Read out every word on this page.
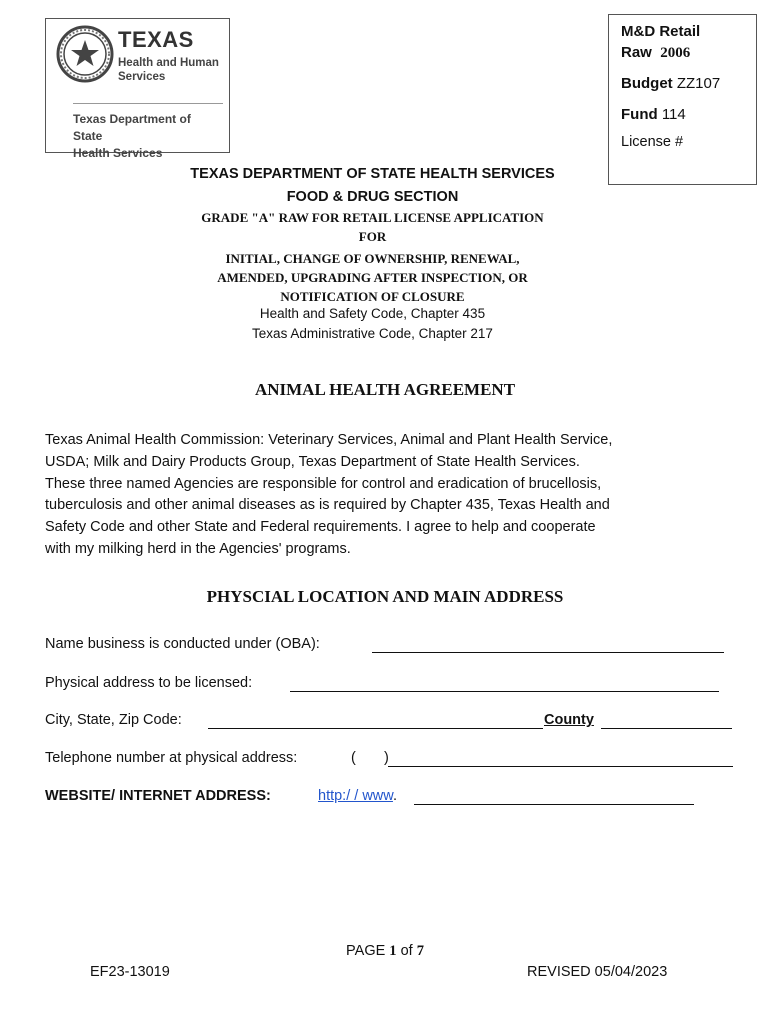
TEXAS
Health and Human
Services
Texas Department of State
Health Services
M&D Retail
Raw 2006
Budget ZZ107
Fund 114
License #
TEXAS DEPARTMENT OF STATE HEALTH SERVICES
FOOD & DRUG SECTION
GRADE "A" RAW FOR RETAIL LICENSE APPLICATION
FOR
INITIAL, CHANGE OF OWNERSHIP, RENEWAL,
AMENDED, UPGRADING AFTER INSPECTION, OR
NOTIFICATION OF CLOSURE
Health and Safety Code, Chapter 435
Texas Administrative Code, Chapter 217
ANIMAL HEALTH AGREEMENT
Texas Animal Health Commission: Veterinary Services, Animal and Plant Health Service,
USDA; Milk and Dairy Products Group, Texas Department of State Health Services.
These three named Agencies are responsible for control and eradication of brucellosis,
tuberculosis and other animal diseases as is required by Chapter 435, Texas Health and
Safety Code and other State and Federal requirements. I agree to help and cooperate
with my milking herd in the Agencies' programs.
PHYSCIAL LOCATION AND MAIN ADDRESS
Name business is conducted under (OBA):
Physical address to be licensed:
City, State, Zip Code:	County
Telephone number at physical address:	( )
WEBSITE/ INTERNET ADDRESS:	http:/ / www.
PAGE 1 of 7
EF23-13019	REVISED 05/04/2023
